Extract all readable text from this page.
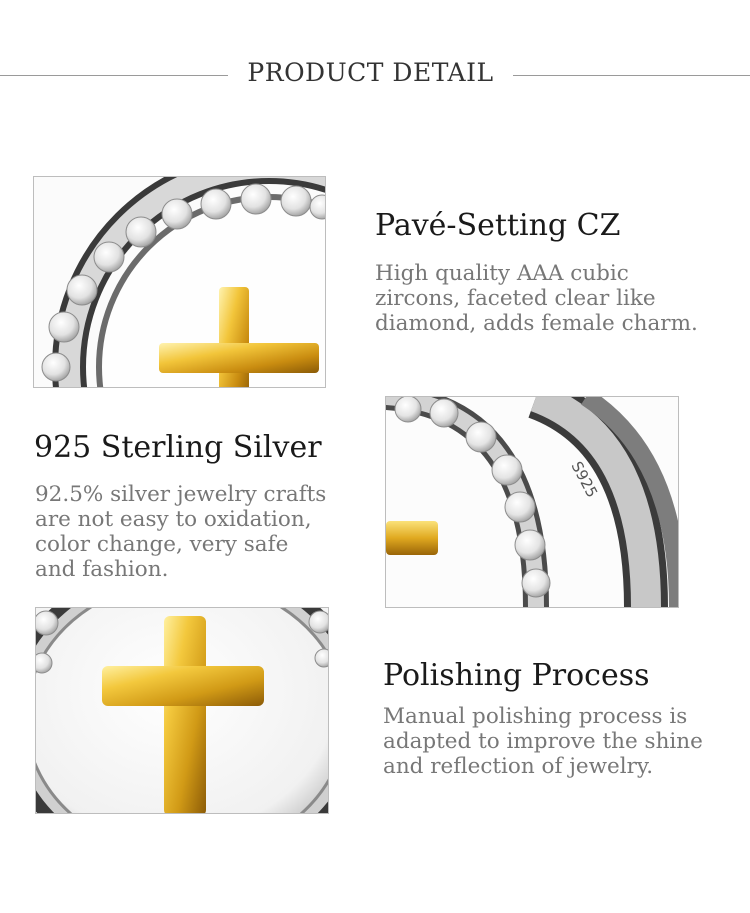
PRODUCT DETAIL
Pavé-Setting CZ

High quality AAA cubic
zircons, faceted clear like
diamond, adds female charm.

925 Sterling Silver

92.5% silver jewelry crafts
are not easy to oxidation,
color change, very safe
and fashion.

S925
Polishing Process

Manual polishing process is
adapted to improve the shine
and reflection of jewelry.
